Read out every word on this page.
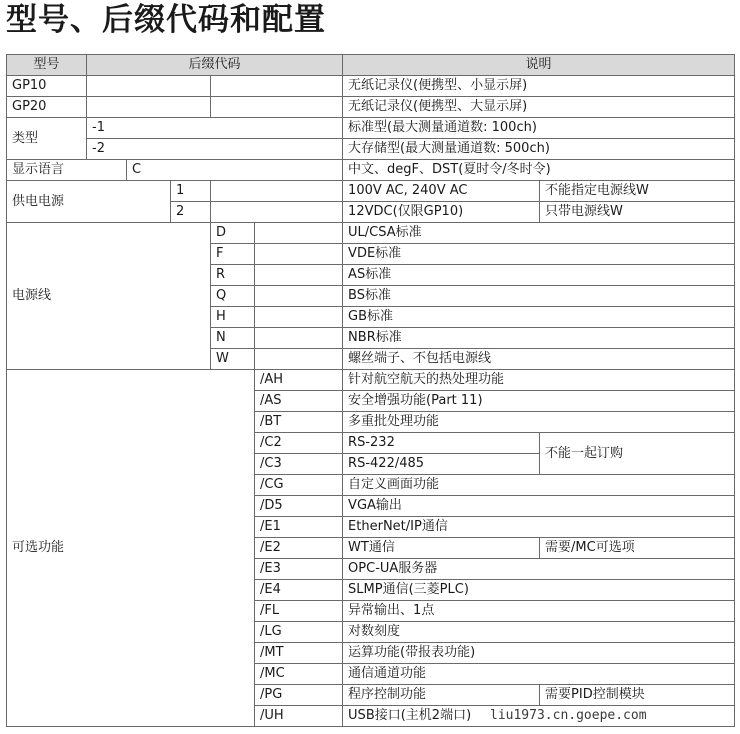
型号、后缀代码和配置
型号	后缀代码					说明	
GP10						无纸记录仪(便携型、小显示屏)	
GP20						无纸记录仪(便携型、大显示屏)	
类型	-1					标准型(最大测量通道数: 100ch)	
	-2					大存储型(最大测量通道数: 500ch)	
显示语言		C				中文、degF、DST(夏时令/冬时令)	
供电电源			1			100V AC, 240V AC	不能指定电源线W
			2			12VDC(仅限GP10)	只带电源线W
电源线				D		UL/CSA标准	
				F		VDE标准	
				R		AS标准	
				Q		BS标准	
				H		GB标准	
				N		NBR标准	
				W		螺丝端子、不包括电源线	
可选功能					/AH	针对航空航天的热处理功能	
					/AS	安全增强功能(Part 11)	
					/BT	多重批处理功能	
					/C2	RS-232	不能一起订购
					/C3	RS-422/485	
					/CG	自定义画面功能	
					/D5	VGA输出	
					/E1	EtherNet/IP通信	
					/E2	WT通信	需要/MC可选项
					/E3	OPC-UA服务器	
					/E4	SLMP通信(三菱PLC)	
					/FL	异常输出、1点	
					/LG	对数刻度	
					/MT	运算功能(带报表功能)	
					/MC	通信通道功能	
					/PG	程序控制功能	需要PID控制模块
					/UH	USB接口(主机2端口)	liu1973.cn.goepe.com
